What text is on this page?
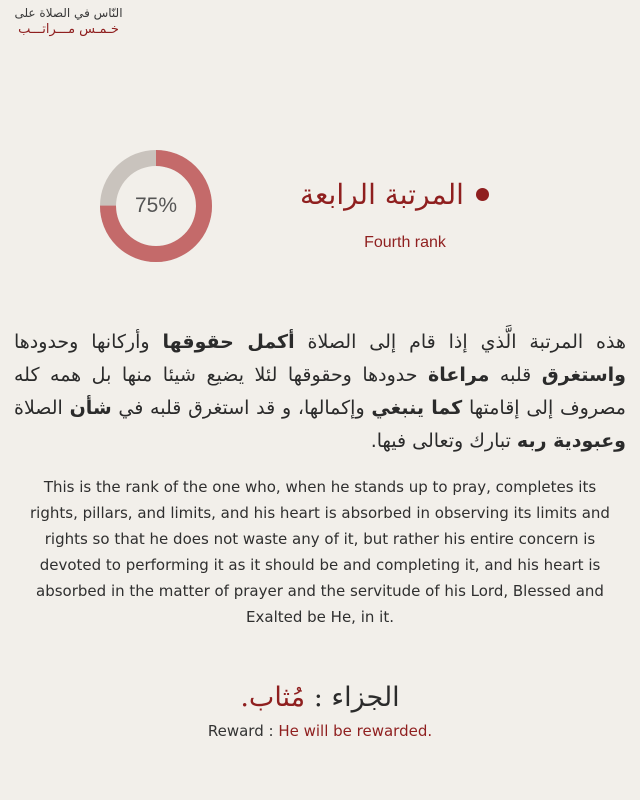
النّاس في الصلاة على
خـمـس مـــراتـــب
75%	المرتبة الرابعة
Fourth rank
هذه المرتبة الَّذي إذا قام إلى الصلاة أكمل حقوقها وأركانها وحدودها واستغرق قلبه مراعاة حدودها وحقوقها لئلا يضيع شيئا منها بل همه كله مصروف إلى إقامتها كما ينبغي وإكمالها، و قد استغرق قلبه في شأن الصلاة وعبودية ربه تبارك وتعالى فيها.
This is the rank of the one who, when he stands up to pray, completes its rights, pillars, and limits, and his heart is absorbed in observing its limits and rights so that he does not waste any of it, but rather his entire concern is devoted to performing it as it should be and completing it, and his heart is absorbed in the matter of prayer and the servitude of his Lord, Blessed and Exalted be He, in it.
الجزاء : مُثاب.
Reward : He will be rewarded.
